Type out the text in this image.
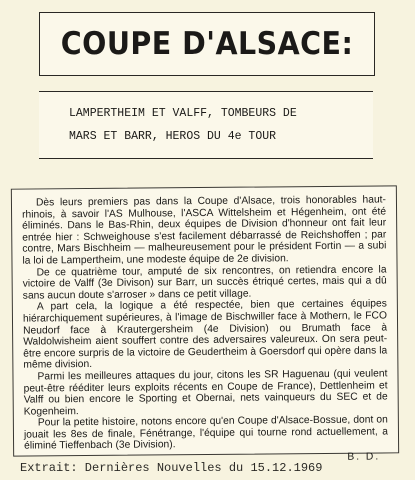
COUPE D'ALSACE:
LAMPERTHEIM ET VALFF, TOMBEURS DE
MARS ET BARR, HEROS DU 4e TOUR

Dès leurs premiers pas dans la Coupe d'Alsace, trois honorables haut-rhinois, à savoir l'AS Mulhouse, l'ASCA Wittelsheim et Hégenheim, ont été éliminés. Dans le Bas-Rhin, deux équipes de Division d'honneur ont fait leur entrée hier : Schweighouse s'est facilement débarrassé de Reichshoffen ; par contre, Mars Bischheim — malheureusement pour le président Fortin — a subi la loi de Lampertheim, une modeste équipe de 2e division.

De ce quatrième tour, amputé de six rencontres, on retiendra encore la victoire de Valff (3e Divison) sur Barr, un succès étriqué certes, mais qui a dû sans aucun doute s'arroser » dans ce petit village.

A part cela, la logique a été respectée, bien que certaines équipes hiérarchiquement supérieures, à l'image de Bischwiller face à Mothern, le FCO Neudorf face à Krautergersheim (4e Division) ou Brumath face à Waldolwisheim aient souffert contre des adversaires valeureux. On sera peut-être encore surpris de la victoire de Geudertheim à Goersdorf qui opère dans la même division.

Parmi les meilleures attaques du jour, citons les SR Haguenau (qui veulent peut-être rééditer leurs exploits récents en Coupe de France), Dettlenheim et Valff ou bien encore le Sporting et Obernai, nets vainqueurs du SEC et de Kogenheim.

Pour la petite histoire, notons encore qu'en Coupe d'Alsace-Bossue, dont on jouait les 8es de finale, Fénétrange, l'équipe qui tourne rond actuellement, a éliminé Tieffenbach (3e Division).

B. D.
Extrait: Dernières Nouvelles du 15.12.1969
